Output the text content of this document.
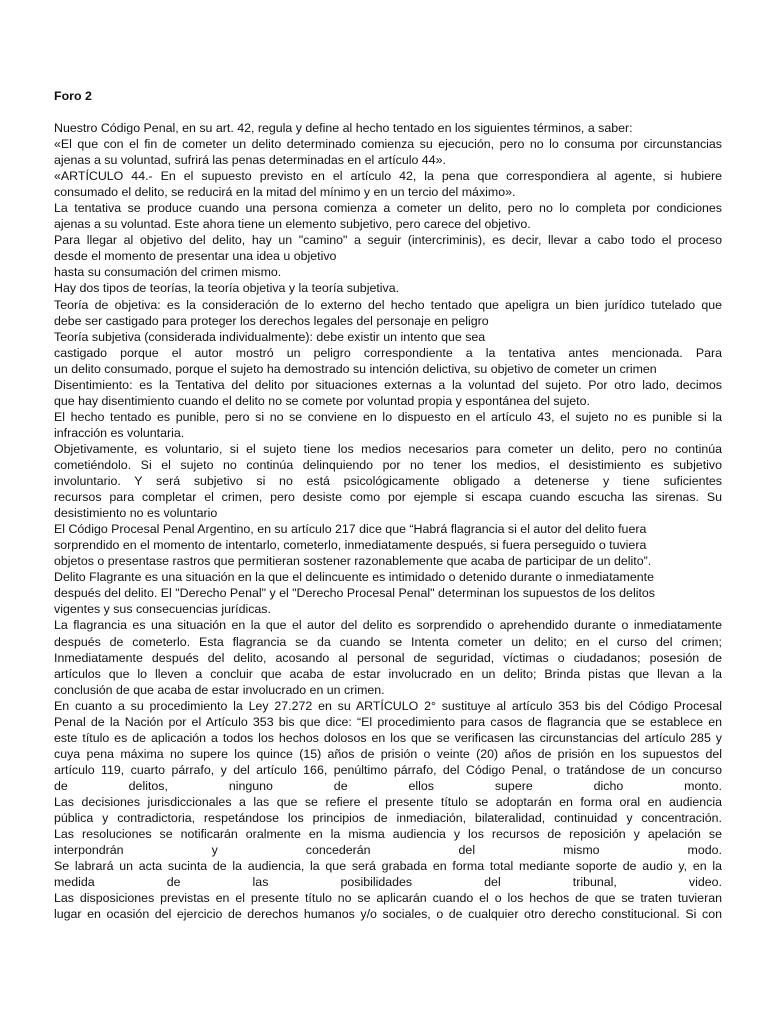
Foro 2
Nuestro Código Penal, en su art. 42, regula y define al hecho tentado en los siguientes términos, a saber:
«El que con el fin de cometer un delito determinado comienza su ejecución, pero no lo consuma por circunstancias
ajenas a su voluntad, sufrirá las penas determinadas en el artículo 44».
«ARTÍCULO 44.- En el supuesto previsto en el artículo 42, la pena que correspondiera al agente, si hubiere
consumado el delito, se reducirá en la mitad del mínimo y en un tercio del máximo».
La tentativa se produce cuando una persona comienza a cometer un delito, pero no lo completa por condiciones
ajenas a su voluntad. Este ahora tiene un elemento subjetivo, pero carece del objetivo.
Para llegar al objetivo del delito, hay un "camino" a seguir (intercriminis), es decir, llevar a cabo todo el proceso
desde el momento de presentar una idea u objetivo
hasta su consumación del crimen mismo.
Hay dos tipos de teorías, la teoría objetiva y la teoría subjetiva.
Teoría de objetiva: es la consideración de lo externo del hecho tentado que apeligra un bien jurídico tutelado que
debe ser castigado para proteger los derechos legales del personaje en peligro
Teoría subjetiva (considerada individualmente): debe existir un intento que sea
castigado porque el autor mostró un peligro correspondiente a la tentativa antes mencionada. Para
un delito consumado, porque el sujeto ha demostrado su intención delictiva, su objetivo de cometer un crimen
Disentimiento: es la Tentativa del delito por situaciones externas a la voluntad del sujeto. Por otro lado, decimos
que hay disentimiento cuando el delito no se comete por voluntad propia y espontánea del sujeto.
El hecho tentado es punible, pero si no se conviene en lo dispuesto en el artículo 43, el sujeto no es punible si la
infracción es voluntaria.
Objetivamente, es voluntario, si el sujeto tiene los medios necesarios para cometer un delito, pero no continúa
cometiéndolo. Si el sujeto no continúa delinquiendo por no tener los medios, el desistimiento es subjetivo
involuntario. Y será subjetivo si no está psicológicamente obligado a detenerse y tiene suficientes
recursos para completar el crimen, pero desiste como por ejemple si escapa cuando escucha las sirenas. Su
desistimiento no es voluntario
El Código Procesal Penal Argentino, en su artículo 217 dice que “Habrá flagrancia si el autor del delito fuera
sorprendido en el momento de intentarlo, cometerlo, inmediatamente después, si fuera perseguido o tuviera
objetos o presentase rastros que permitieran sostener razonablemente que acaba de participar de un delito”.
Delito Flagrante es una situación en la que el delincuente es intimidado o detenido durante o inmediatamente
después del delito. El "Derecho Penal" y el "Derecho Procesal Penal" determinan los supuestos de los delitos
vigentes y sus consecuencias jurídicas.
La flagrancia es una situación en la que el autor del delito es sorprendido o aprehendido durante o inmediatamente
después de cometerlo. Esta flagrancia se da cuando se Intenta cometer un delito; en el curso del crimen;
Inmediatamente después del delito, acosando al personal de seguridad, víctimas o ciudadanos; posesión de
artículos que lo lleven a concluir que acaba de estar involucrado en un delito; Brinda pistas que llevan a la
conclusión de que acaba de estar involucrado en un crimen.
En cuanto a su procedimiento la Ley 27.272 en su ARTÍCULO 2° sustituye al artículo 353 bis del Código Procesal
Penal de la Nación por el Artículo 353 bis que dice: “El procedimiento para casos de flagrancia que se establece en
este título es de aplicación a todos los hechos dolosos en los que se verificasen las circunstancias del artículo 285 y
cuya pena máxima no supere los quince (15) años de prisión o veinte (20) años de prisión en los supuestos del
artículo 119, cuarto párrafo, y del artículo 166, penúltimo párrafo, del Código Penal, o tratándose de un concurso
de delitos, ninguno de ellos supere dicho monto.
Las decisiones jurisdiccionales a las que se refiere el presente título se adoptarán en forma oral en audiencia
pública y contradictoria, respetándose los principios de inmediación, bilateralidad, continuidad y concentración.
Las resoluciones se notificarán oralmente en la misma audiencia y los recursos de reposición y apelación se
interpondrán y concederán del mismo modo.
Se labrará un acta sucinta de la audiencia, la que será grabada en forma total mediante soporte de audio y, en la
medida de las posibilidades del tribunal, video.
Las disposiciones previstas en el presente título no se aplicarán cuando el o los hechos de que se traten tuvieran
lugar en ocasión del ejercicio de derechos humanos y/o sociales, o de cualquier otro derecho constitucional. Si con
